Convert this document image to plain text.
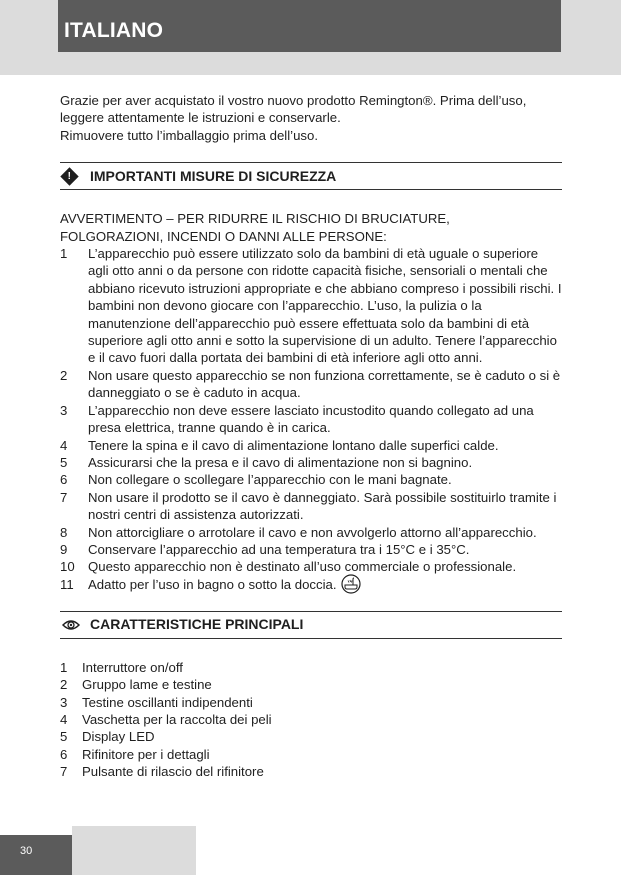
ITALIANO

Grazie per aver acquistato il vostro nuovo prodotto Remington®. Prima dell’uso,

leggere attentamente le istruzioni e conservarle.

Rimuovere tutto l’imballaggio prima dell’uso.

! IMPORTANTI MISURE DI SICUREZZA
AVVERTIMENTO – PER RIDURRE IL RISCHIO DI BRUCIATURE,
FOLGORAZIONI, INCENDI O DANNI ALLE PERSONE:
1	L’apparecchio può essere utilizzato solo da bambini di età uguale o superiore agli otto anni o da persone con ridotte capacità fisiche, sensoriali o mentali che abbiano ricevuto istruzioni appropriate e che abbiano compreso i possibili rischi. I bambini non devono giocare con l’apparecchio. L’uso, la pulizia o la manutenzione dell’apparecchio può essere effettuata solo da bambini di età superiore agli otto anni e sotto la supervisione di un adulto. Tenere l’apparecchio e il cavo fuori dalla portata dei bambini di età inferiore agli otto anni.
2	Non usare questo apparecchio se non funziona correttamente, se è caduto o si è danneggiato o se è caduto in acqua.
3	L’apparecchio non deve essere lasciato incustodito quando collegato ad una presa elettrica, tranne quando è in carica.
4	Tenere la spina e il cavo di alimentazione lontano dalle superfici calde.
5	Assicurarsi che la presa e il cavo di alimentazione non si bagnino.
6	Non collegare o scollegare l’apparecchio con le mani bagnate.
7	Non usare il prodotto se il cavo è danneggiato. Sarà possibile sostituirlo tramite i nostri centri di assistenza autorizzati.
8	Non attorcigliare o arrotolare il cavo e non avvolgerlo attorno all’apparecchio.
9	Conservare l’apparecchio ad una temperatura tra i 15°C e i 35°C.
10	Questo apparecchio non è destinato all’uso commerciale o professionale.
11	Adatto per l’uso in bagno o sotto la doccia.
CARATTERISTICHE PRINCIPALI
1	Interruttore on/off
2	Gruppo lame e testine
3	Testine oscillanti indipendenti
4	Vaschetta per la raccolta dei peli
5	Display LED
6	Rifinitore per i dettagli
7	Pulsante di rilascio del rifinitore
30
